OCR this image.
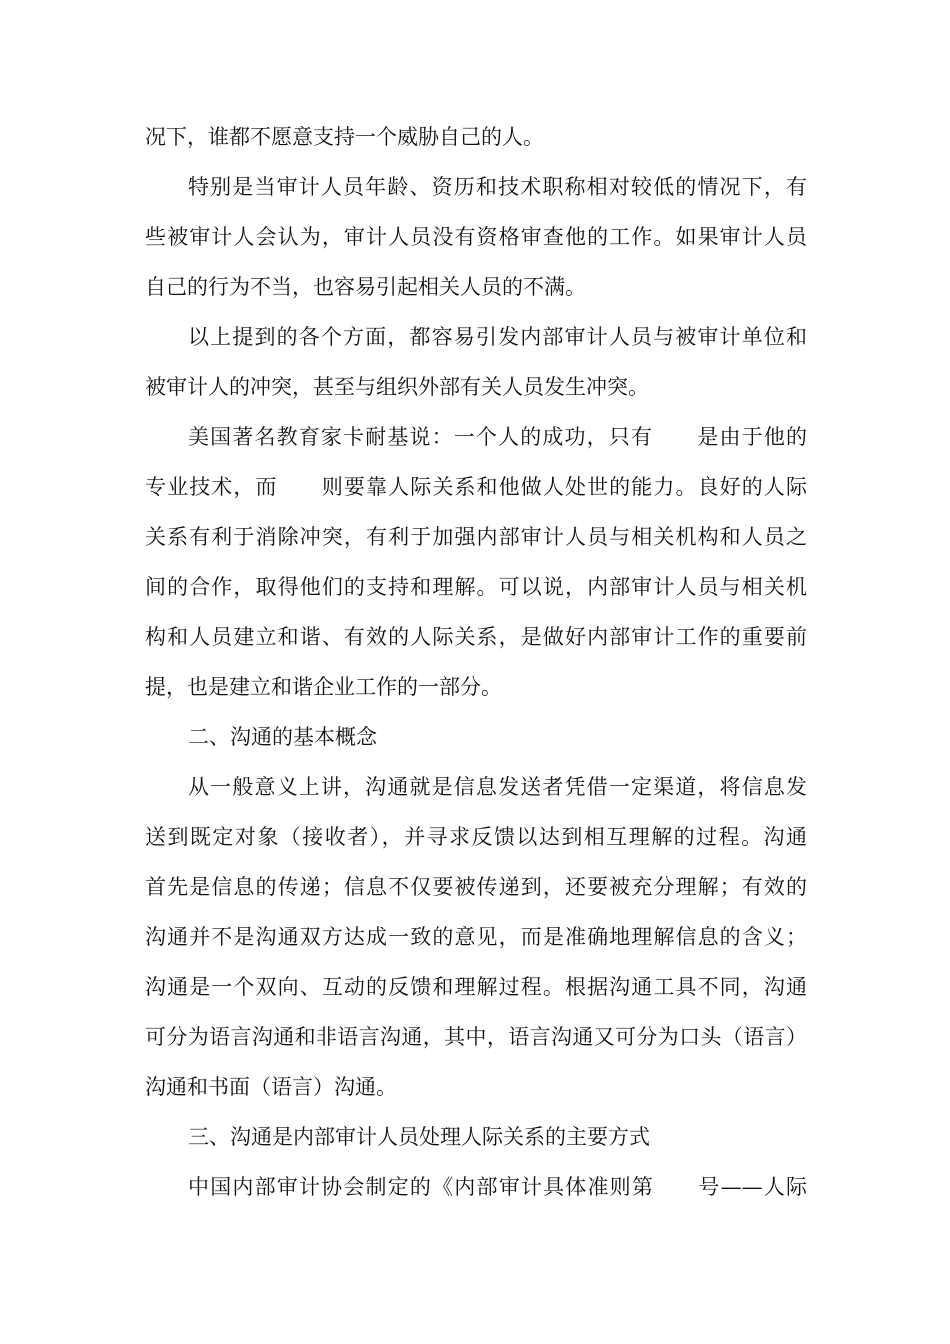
况下，谁都不愿意支持一个威胁自己的人。
特别是当审计人员年龄、资历和技术职称相对较低的情况下，有
些被审计人会认为，审计人员没有资格审查他的工作。如果审计人员
自己的行为不当，也容易引起相关人员的不满。
以上提到的各个方面，都容易引发内部审计人员与被审计单位和
被审计人的冲突，甚至与组织外部有关人员发生冲突。
美国著名教育家卡耐基说：一个人的成功，只有　　是由于他的
专业技术，而　　则要靠人际关系和他做人处世的能力。良好的人际
关系有利于消除冲突，有利于加强内部审计人员与相关机构和人员之
间的合作，取得他们的支持和理解。可以说，内部审计人员与相关机
构和人员建立和谐、有效的人际关系，是做好内部审计工作的重要前
提，也是建立和谐企业工作的一部分。
二、沟通的基本概念
从一般意义上讲，沟通就是信息发送者凭借一定渠道，将信息发
送到既定对象（接收者），并寻求反馈以达到相互理解的过程。沟通
首先是信息的传递；信息不仅要被传递到，还要被充分理解；有效的
沟通并不是沟通双方达成一致的意见，而是准确地理解信息的含义；
沟通是一个双向、互动的反馈和理解过程。根据沟通工具不同，沟通
可分为语言沟通和非语言沟通，其中，语言沟通又可分为口头（语言）
沟通和书面（语言）沟通。
三、沟通是内部审计人员处理人际关系的主要方式
中国内部审计协会制定的《内部审计具体准则第　　号——人际
